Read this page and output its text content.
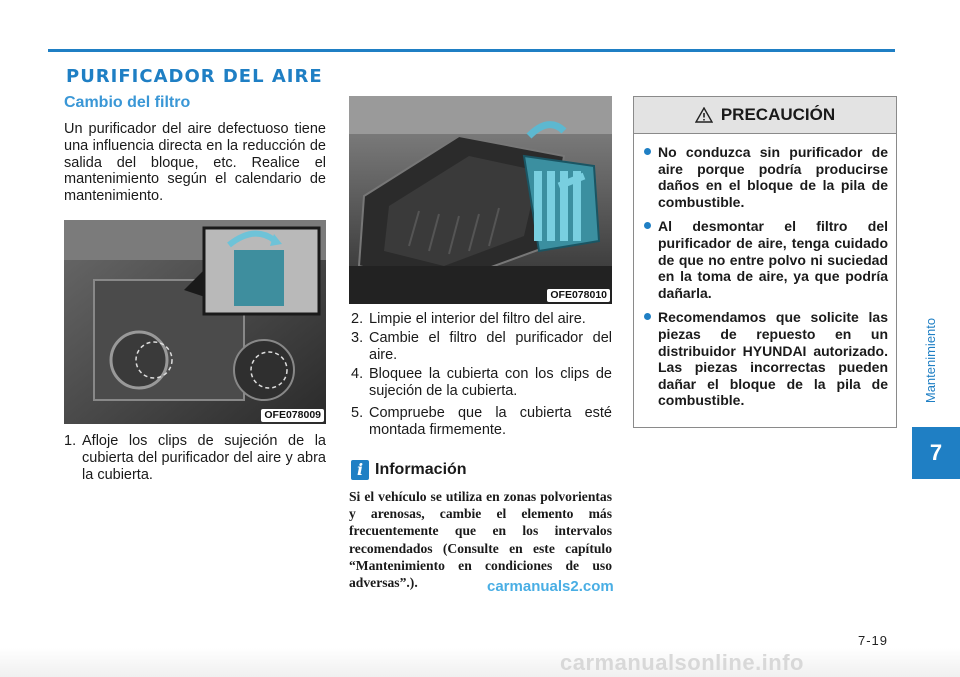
PURIFICADOR DEL AIRE
Cambio del filtro
Un purificador del aire defectuoso tiene una influencia directa en la reducción de salida del bloque, etc. Realice el mantenimiento según el calendario de mantenimiento.
OFE078009
1. Afloje los clips de sujeción de la cubierta del purificador del aire y abra la cubierta.
OFE078010
2. Limpie el interior del filtro del aire.
3. Cambie el filtro del purificador del aire.
4. Bloquee la cubierta con los clips de sujeción de la cubierta.
5. Compruebe que la cubierta esté montada firmemente.
i Información
Si el vehículo se utiliza en zonas polvorientas y arenosas, cambie el elemento más frecuentemente que en los intervalos recomendados (Consulte en este capítulo “Mantenimiento en condiciones de uso adversas”.).
PRECAUCIÓN
No conduzca sin purificador de aire porque podría producirse daños en el bloque de la pila de combustible.
Al desmontar el filtro del purificador de aire, tenga cuidado de que no entre polvo ni suciedad en la toma de aire, ya que podría dañarla.
Recomendamos que solicite las piezas de repuesto en un distribuidor HYUNDAI autorizado. Las piezas incorrectas pueden dañar el bloque de la pila de combustible.	Mantenimiento
7
7-19
carmanuals2.com
carmanualsonline.info
